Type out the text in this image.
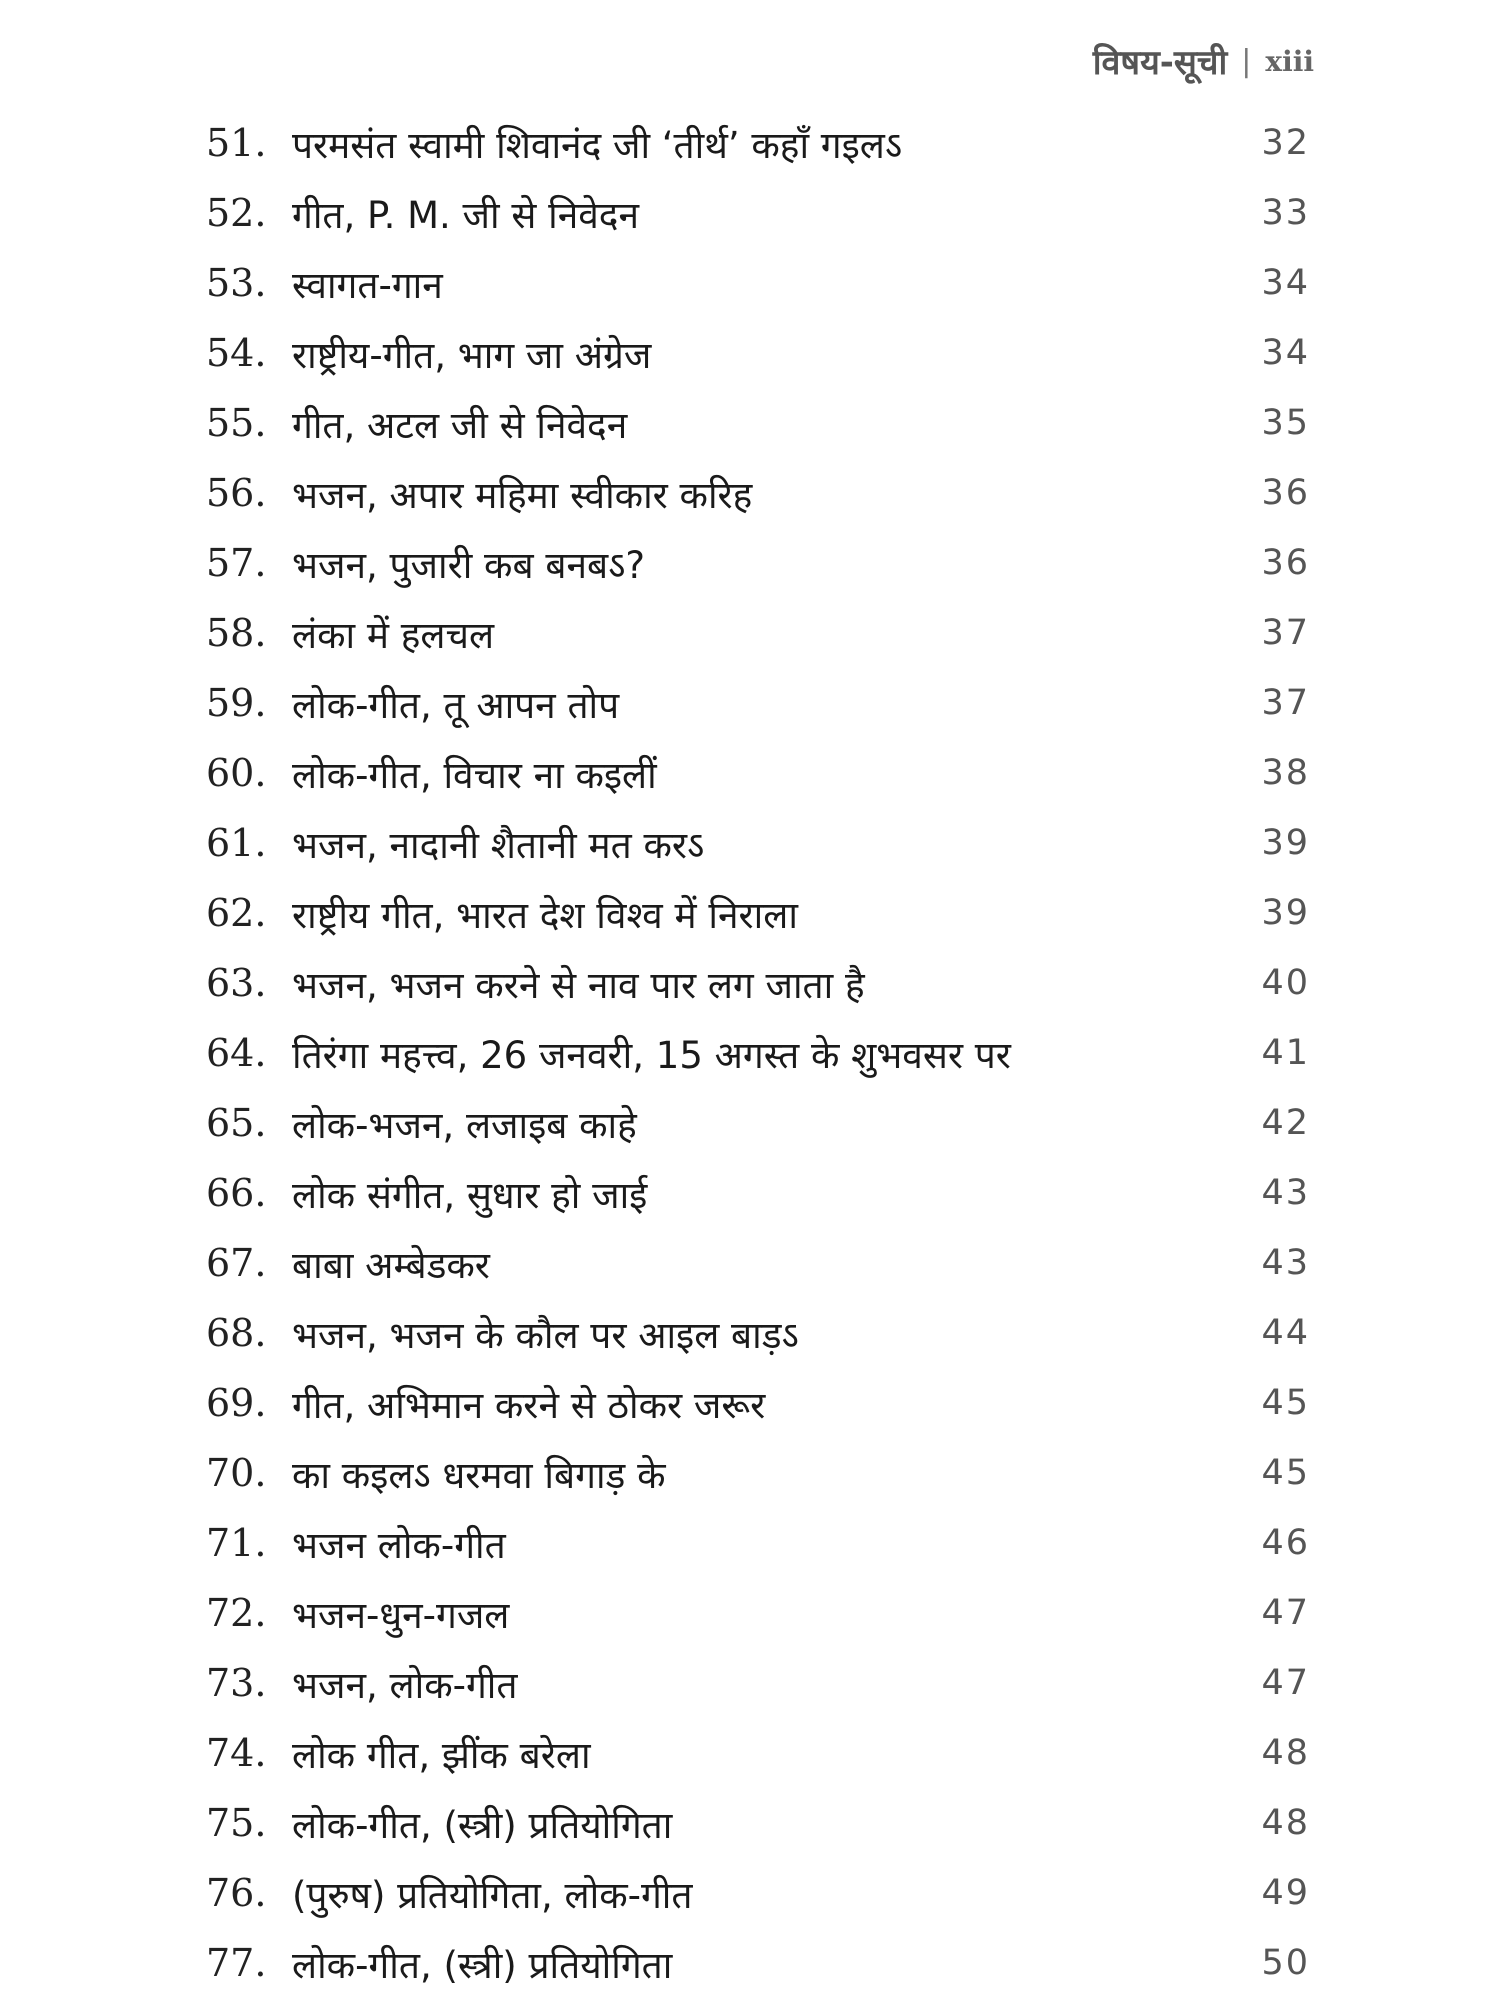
विषय-सूची | xiii
51. परमसंत स्वामी शिवानंद जी ‘तीर्थ’ कहाँ गइलऽ	32
52. गीत, P. M. जी से निवेदन	33
53. स्वागत-गान	34
54. राष्ट्रीय-गीत, भाग जा अंग्रेज	34
55. गीत, अटल जी से निवेदन	35
56. भजन, अपार महिमा स्वीकार करिह	36
57. भजन, पुजारी कब बनबऽ?	36
58. लंका में हलचल	37
59. लोक-गीत, तू आपन तोप	37
60. लोक-गीत, विचार ना कइलीं	38
61. भजन, नादानी शैतानी मत करऽ	39
62. राष्ट्रीय गीत, भारत देश विश्व में निराला	39
63. भजन, भजन करने से नाव पार लग जाता है	40
64. तिरंगा महत्त्व, 26 जनवरी, 15 अगस्त के शुभवसर पर	41
65. लोक-भजन, लजाइब काहे	42
66. लोक संगीत, सुधार हो जाई	43
67. बाबा अम्बेडकर	43
68. भजन, भजन के कौल पर आइल बाड़ऽ	44
69. गीत, अभिमान करने से ठोकर जरूर	45
70. का कइलऽ धरमवा बिगाड़ के	45
71. भजन लोक-गीत	46
72. भजन-धुन-गजल	47
73. भजन, लोक-गीत	47
74. लोक गीत, झींक बरेला	48
75. लोक-गीत, (स्त्री) प्रतियोगिता	48
76. (पुरुष) प्रतियोगिता, लोक-गीत	49
77. लोक-गीत, (स्त्री) प्रतियोगिता	50
